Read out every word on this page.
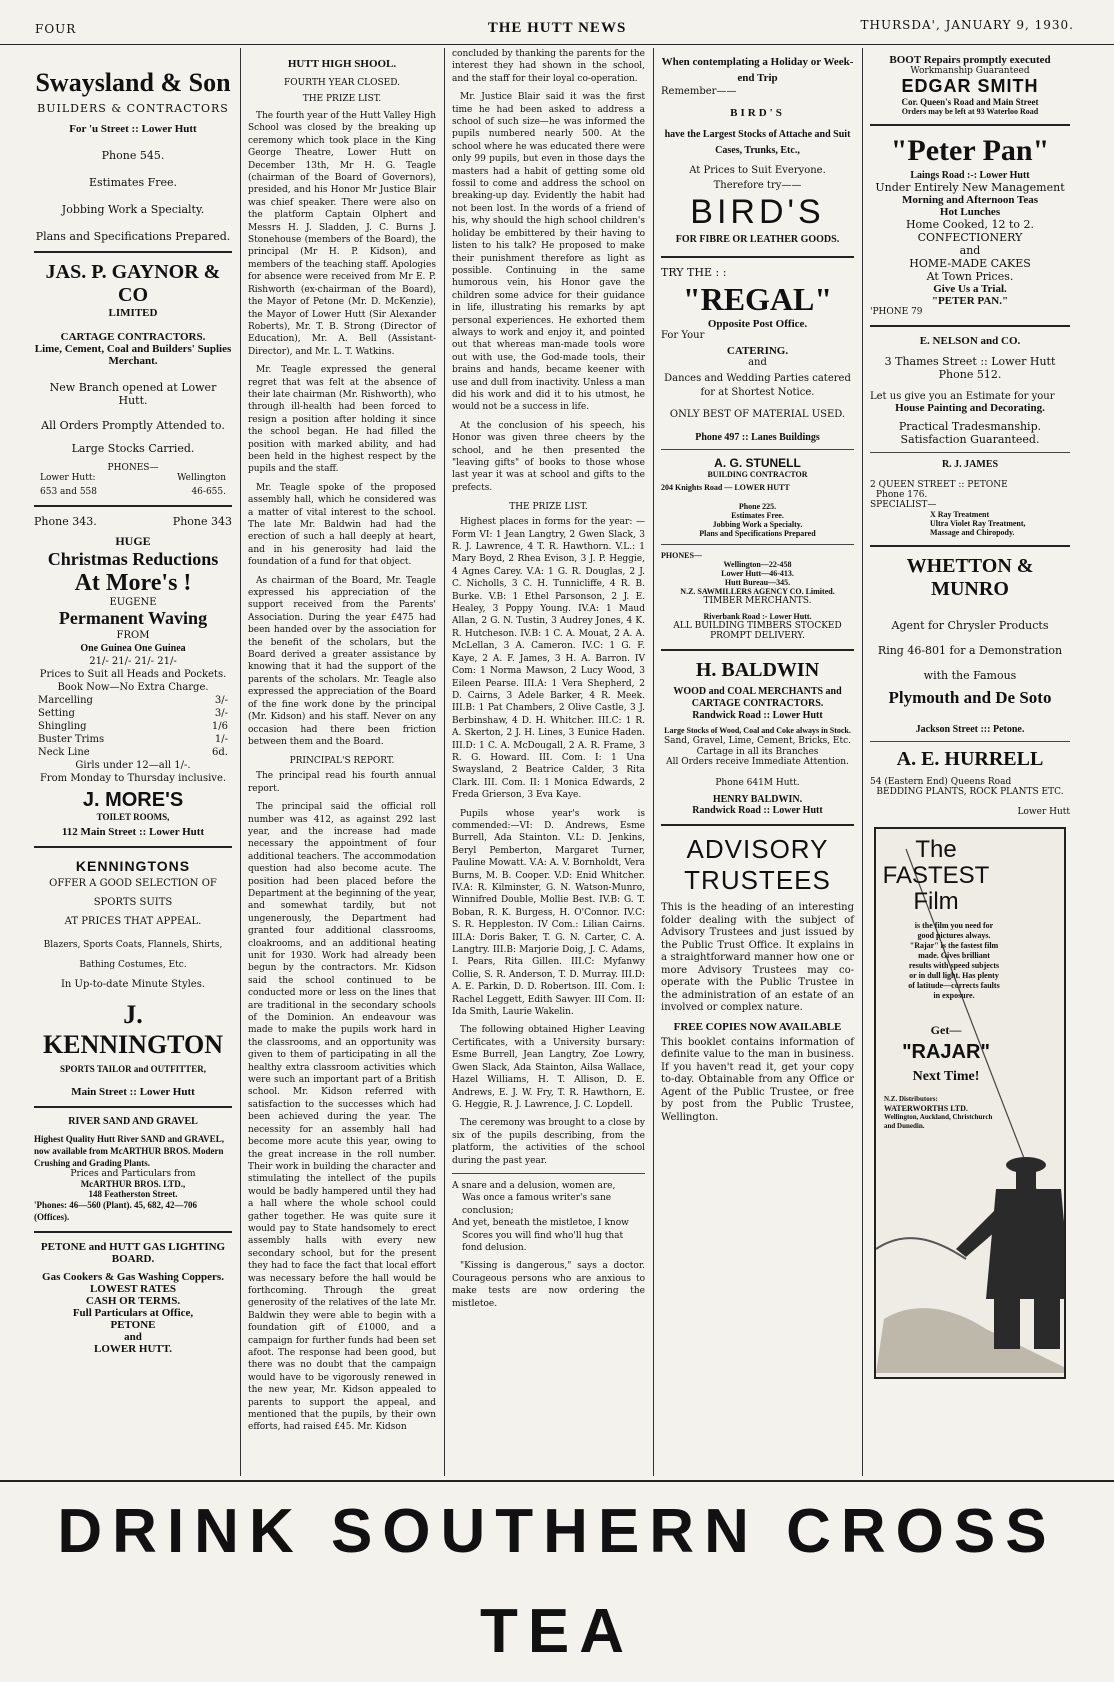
FOUR	THE HUTT NEWS	THURSDA', JANUARY 9, 1930.
Swaysland & Son
BUILDERS & CONTRACTORS
For 'u Street :: Lower Hutt
Phone 545.
Estimates Free.
Jobbing Work a Specialty.
Plans and Specifications Prepared.
JAS. P. GAYNOR & CO
LIMITED
CARTAGE CONTRACTORS.
Lime, Cement, Coal and Builders' Suplies Merchant.
New Branch opened at Lower Hutt.
All Orders Promptly Attended to.
Large Stocks Carried.
PHONES—
Lower Hutt:	Wellington
653 and 558	46-655.
Phone 343.	Phone 343
HUGE
Christmas Reductions
At More's !
EUGENE
Permanent Waving
FROM
One Guinea One Guinea
21/- 21/- 21/- 21/-
Prices to Suit all Heads and Pockets.
Book Now—No Extra Charge.
Marcelling	3/-
Setting	3/-
Shingling	1/6
Buster Trims	1/-
Neck Line	6d.
Girls under 12—all 1/-.
From Monday to Thursday inclusive.
J. MORE'S
TOILET ROOMS,
112 Main Street :: Lower Hutt
KENNINGTONS
OFFER A GOOD SELECTION OF
SPORTS SUITS
AT PRICES THAT APPEAL.
Blazers, Sports Coats, Flannels, Shirts, Bathing Costumes, Etc.
In Up-to-date Minute Styles.
J. KENNINGTON
SPORTS TAILOR and OUTFITTER,
Main Street :: Lower Hutt
RIVER SAND AND GRAVEL
Highest Quality Hutt River SAND and GRAVEL, now available from McARTHUR BROS. Modern Crushing and Grading Plants.
Prices and Particulars from
McARTHUR BROS. LTD.,
148 Featherston Street.
'Phones: 46—560 (Plant). 45, 682, 42—706 (Offices).
PETONE and HUTT GAS LIGHTING BOARD.
Gas Cookers & Gas Washing Coppers.
LOWEST RATES
CASH OR TERMS.
Full Particulars at Office,
PETONE
and
LOWER HUTT.
HUTT HIGH SHOOL.
FOURTH YEAR CLOSED.
THE PRIZE LIST.

The fourth year of the Hutt Valley High School was closed by the breaking up ceremony which took place in the King George Theatre, Lower Hutt on December 13th, Mr H. G. Teagle (chairman of the Board of Governors), presided, and his Honor Mr Justice Blair was chief speaker. There were also on the platform Captain Olphert and Messrs H. J. Sladden, J. C. Burns J. Stonehouse (members of the Board), the principal (Mr H. P. Kidson), and members of the teaching staff. Apologies for absence were received from Mr E. P. Rishworth (ex-chairman of the Board), the Mayor of Petone (Mr. D. McKenzie), the Mayor of Lower Hutt (Sir Alexander Roberts), Mr. T. B. Strong (Director of Education), Mr. A. Bell (Assistant-Director), and Mr. L. T. Watkins.

Mr. Teagle expressed the general regret that was felt at the absence of their late chairman (Mr. Rishworth), who through ill-health had been forced to resign a position after holding it since the school began. He had filled the position with marked ability, and had been held in the highest respect by the pupils and the staff.

Mr. Teagle spoke of the proposed assembly hall, which he considered was a matter of vital interest to the school. The late Mr. Baldwin had had the erection of such a hall deeply at heart, and in his generosity had laid the foundation of a fund for that object.

As chairman of the Board, Mr. Teagle expressed his appreciation of the support received from the Parents' Association. During the year £475 had been handed over by the association for the benefit of the scholars, but the Board derived a greater assistance by knowing that it had the support of the parents of the scholars. Mr. Teagle also expressed the appreciation of the Board of the fine work done by the principal (Mr. Kidson) and his staff. Never on any occasion had there been friction between them and the Board.

PRINCIPAL'S REPORT.

The principal read his fourth annual report.

The principal said the official roll number was 412, as against 292 last year, and the increase had made necessary the appointment of four additional teachers. The accommodation question had also become acute. The position had been placed before the Department at the beginning of the year, and somewhat tardily, but not ungenerously, the Department had granted four additional classrooms, cloakrooms, and an additional heating unit for 1930. Work had already been begun by the contractors. Mr. Kidson said the school continued to be conducted more or less on the lines that are traditional in the secondary schools of the Dominion. An endeavour was made to make the pupils work hard in the classrooms, and an opportunity was given to them of participating in all the healthy extra classroom activities which were such an important part of a British school. Mr. Kidson referred with satisfaction to the successes which had been achieved during the year. The necessity for an assembly hall had become more acute this year, owing to the great increase in the roll number. Their work in building the character and stimulating the intellect of the pupils would be badly hampered until they had a hall where the whole school could gather together. He was quite sure it would pay to State handsomely to erect assembly halls with every new secondary school, but for the present they had to face the fact that local effort was necessary before the hall would be forthcoming. Through the great generosity of the relatives of the late Mr. Baldwin they were able to begin with a foundation gift of £1000, and a campaign for further funds had been set afoot. The response had been good, but there was no doubt that the campaign would have to be vigorously renewed in the new year, Mr. Kidson appealed to parents to support the appeal, and mentioned that the pupils, by their own efforts, had raised £45. Mr. Kidson

concluded by thanking the parents for the interest they had shown in the school, and the staff for their loyal co-operation.

Mr. Justice Blair said it was the first time he had been asked to address a school of such size—he was informed the pupils numbered nearly 500. At the school where he was educated there were only 99 pupils, but even in those days the masters had a habit of getting some old fossil to come and address the school on breaking-up day. Evidently the habit had not been lost. In the words of a friend of his, why should the high school children's holiday be embittered by their having to listen to his talk? He proposed to make their punishment therefore as light as possible. Continuing in the same humorous vein, his Honor gave the children some advice for their guidance in life, illustrating his remarks by apt personal experiences. He exhorted them always to work and enjoy it, and pointed out that whereas man-made tools wore out with use, the God-made tools, their brains and hands, became keener with use and dull from inactivity. Unless a man did his work and did it to his utmost, he would not be a success in life.

At the conclusion of his speech, his Honor was given three cheers by the school, and he then presented the "leaving gifts" of books to those whose last year it was at school and gifts to the prefects.

THE PRIZE LIST.

Highest places in forms for the year: —Form VI: 1 Jean Langtry, 2 Gwen Slack, 3 R. J. Lawrence, 4 T. R. Hawthorn. V.L.: 1 Mary Boyd, 2 Rhea Evison, 3 J. P. Heggie, 4 Agnes Carey. V.A: 1 G. R. Douglas, 2 J. C. Nicholls, 3 C. H. Tunnicliffe, 4 R. B. Burke. V.B: 1 Ethel Parsonson, 2 J. E. Healey, 3 Poppy Young. IV.A: 1 Maud Allan, 2 G. N. Tustin, 3 Audrey Jones, 4 K. R. Hutcheson. IV.B: 1 C. A. Mouat, 2 A. A. McLellan, 3 A. Cameron. IV.C: 1 G. F. Kaye, 2 A. F. James, 3 H. A. Barron. IV Com: 1 Norma Mawson, 2 Lucy Wood, 3 Eileen Pearse. III.A: 1 Vera Shepherd, 2 D. Cairns, 3 Adele Barker, 4 R. Meek. III.B: 1 Pat Chambers, 2 Olive Castle, 3 J. Berbinshaw, 4 D. H. Whitcher. III.C: 1 R. A. Skerton, 2 J. H. Lines, 3 Eunice Haden. III.D: 1 C. A. McDougall, 2 A. R. Frame, 3 R. G. Howard. III. Com. I: 1 Una Swaysland, 2 Beatrice Calder, 3 Rita Clark. III. Com. II: 1 Monica Edwards, 2 Freda Grierson, 3 Eva Kaye.

Pupils whose year's work is commended:—VI: D. Andrews, Esme Burrell, Ada Stainton. V.L: D. Jenkins, Beryl Pemberton, Margaret Turner, Pauline Mowatt. V.A: A. V. Bornholdt, Vera Burns, M. B. Cooper. V.D: Enid Whitcher. IV.A: R. Kilminster, G. N. Watson-Munro, Winnifred Double, Mollie Best. IV.B: G. T. Boban, R. K. Burgess, H. O'Connor. IV.C: S. R. Heppleston. IV Com.: Lilian Cairns. III.A: Doris Baker, T. G. N. Carter, C. A. Langtry. III.B: Marjorie Doig, J. C. Adams, I. Pears, Rita Gillen. III.C: Myfanwy Collie, S. R. Anderson, T. D. Murray. III.D: A. E. Parkin, D. D. Robertson. III. Com. I: Rachel Leggett, Edith Sawyer. III Com. II: Ida Smith, Laurie Wakelin.

The following obtained Higher Leaving Certificates, with a University bursary: Esme Burrell, Jean Langtry, Zoe Lowry, Gwen Slack, Ada Stainton, Ailsa Wallace, Hazel Williams, H. T. Allison, D. E. Andrews, E. J. W. Fry, T. R. Hawthorn, E. G. Heggie, R. J. Lawrence, J. C. Lopdell.

The ceremony was brought to a close by six of the pupils describing, from the platform, the activities of the school during the past year.

A snare and a delusion, women are,
Was once a famous writer's sane conclusion;
And yet, beneath the mistletoe, I know
Scores you will find who'll hug that fond delusion.

"Kissing is dangerous," says a doctor. Courageous persons who are anxious to make tests are now ordering the mistletoe.

When contemplating a Holiday or Week-end Trip
Remember——
BIRD'S
have the Largest Stocks of Attache and Suit Cases, Trunks, Etc.,
At Prices to Suit Everyone.
Therefore try——
BIRD'S
FOR FIBRE OR LEATHER GOODS.
TRY THE : :
"REGAL"
Opposite Post Office.
For Your
CATERING.
and
Dances and Wedding Parties catered for at Shortest Notice.
ONLY BEST OF MATERIAL USED.
Phone 497 :: Lanes Buildings
A. G. STUNELL
BUILDING CONTRACTOR
204 Knights Road — LOWER HUTT
Phone 225.
Estimates Free.
Jobbing Work a Specialty.
Plans and Specifications Prepared
PHONES—
Wellington—22-458
Lower Hutt—46-413.
Hutt Bureau—345.
N.Z. SAWMILLERS AGENCY CO. Limited.
TIMBER MERCHANTS.
Riverbank Road :- Lower Hutt.
ALL BUILDING TIMBERS STOCKED PROMPT DELIVERY.
H. BALDWIN
WOOD and COAL MERCHANTS and CARTAGE CONTRACTORS.
Randwick Road :: Lower Hutt
Large Stocks of Wood, Coal and Coke always in Stock.
Sand, Gravel, Lime, Cement, Bricks, Etc.
Cartage in all its Branches
All Orders receive Immediate Attention.
Phone 641M Hutt.
HENRY BALDWIN.
Randwick Road :: Lower Hutt
ADVISORY
TRUSTEES

This is the heading of an interesting folder dealing with the subject of Advisory Trustees and just issued by the Public Trust Office. It explains in a straightforward manner how one or more Advisory Trustees may co-operate with the Public Trustee in the administration of an estate of an involved or complex nature.

FREE COPIES NOW AVAILABLE

This booklet contains information of definite value to the man in business. If you haven't read it, get your copy to-day. Obtainable from any Office or Agent of the Public Trustee, or free by post from the Public Trustee, Wellington.

BOOT Repairs promptly executed
Workmanship Guaranteed
EDGAR SMITH
Cor. Queen's Road and Main Street
Orders may be left at 93 Waterloo Road
"Peter Pan"
Laings Road :-: Lower Hutt
Under Entirely New Management
Morning and Afternoon Teas
Hot Lunches
Home Cooked, 12 to 2.
CONFECTIONERY
and
HOME-MADE CAKES
At Town Prices.
Give Us a Trial.
"PETER PAN."
'PHONE 79
E. NELSON and CO.
3 Thames Street :: Lower Hutt
Phone 512.
Let us give you an Estimate for your
House Painting and Decorating.
Practical Tradesmanship.
Satisfaction Guaranteed.
R. J. JAMES
2 QUEEN STREET :: PETONE
Phone 176.
SPECIALIST—
X Ray Treatment
Ultra Violet Ray Treatment,
Massage and Chiropody.
WHETTON & MUNRO
Agent for Chrysler Products
Ring 46-801 for a Demonstration
with the Famous
Plymouth and De Soto
Jackson Street ::: Petone.
A. E. HURRELL
54 (Eastern End) Queens Road
BEDDING PLANTS, ROCK PLANTS ETC.
Lower Hutt
The
FASTEST
Film
is the film you need for good pictures always. "Rajar" is the fastest film made. Gives brilliant results with speed subjects or in dull light. Has plenty of latitude—corrects faults in exposure.
Get—
"RAJAR"
Next Time!
N.Z. Distributors:
WATERWORTHS LTD.
Wellington, Auckland, Christchurch and Dunedin.
DRINK SOUTHERN CROSS TEA
